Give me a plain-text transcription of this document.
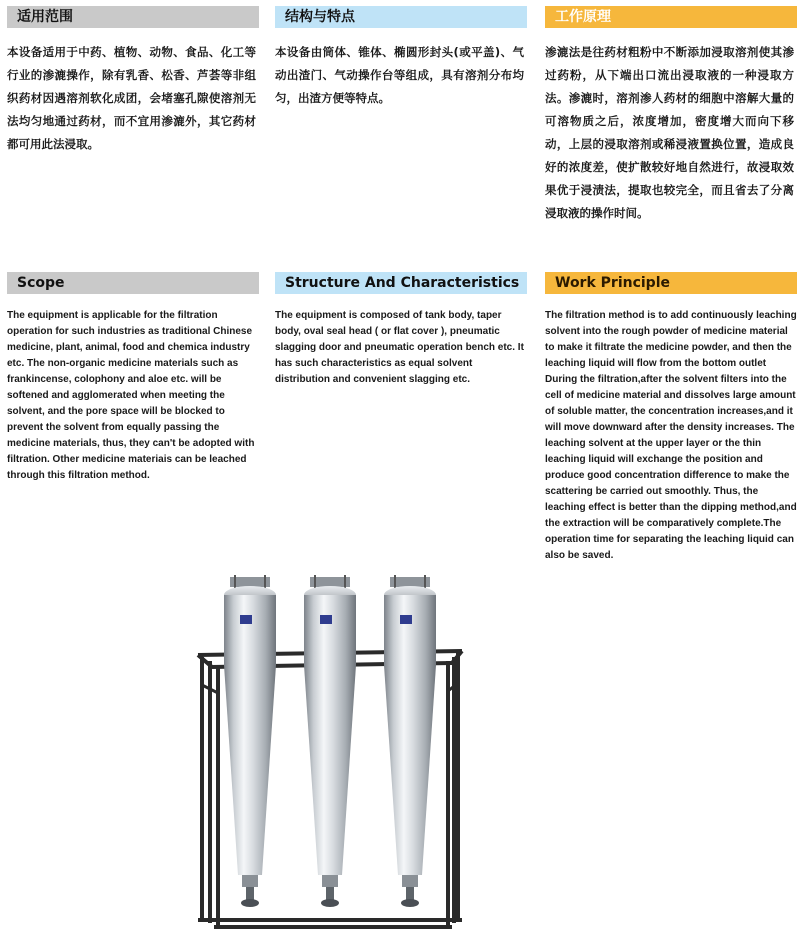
适用范围
本设备适用于中药、植物、动物、食品、化工等行业的渗漉操作，除有乳香、松香、芦荟等非组织药材因遇溶剂软化成团，会堵塞孔隙使溶剂无法均匀地通过药材，而不宜用渗漉外，其它药材都可用此法浸取。
结构与特点
本设备由筒体、锥体、椭圆形封头(或平盖)、气动出渣门、气动操作台等组成，具有溶剂分布均匀，出渣方便等特点。
工作原理
渗漉法是往药材粗粉中不断添加浸取溶剂使其渗过药粉，从下端出口流出浸取液的一种浸取方法。渗漉时，溶剂渗人药材的细胞中溶解大量的可溶物质之后，浓度增加，密度增大而向下移动，上层的浸取溶剂或稀浸液置换位置，造成良好的浓度差，使扩散较好地自然进行，故浸取效果优于浸渍法，提取也较完全，而且省去了分离浸取液的操作时间。
Scope
The equipment is applicable for the filtration operation for such industries as traditional Chinese medicine, plant, animal, food and chemica industry etc. The non-organic medicine materials such as frankincense, colophony and aloe etc. will be softened and agglomerated when meeting the solvent, and the pore space will be blocked to prevent the solvent from equally passing the medicine materials, thus, they can't be adopted with filtration. Other medicine materiais can be leached through this filtration method.
Structure And Characteristics
The equipment is composed of tank body, taper body, oval seal head ( or flat cover ), pneumatic slagging door and pneumatic operation bench etc. It has such characteristics as equal solvent distribution and convenient slagging etc.
Work Principle
The filtration method is to add continuously leaching solvent into the rough powder of medicine material to make it filtrate the medicine powder, and then the leaching liquid will flow from the bottom outlet During the filtration,after the solvent filters into the cell of medicine material and dissolves large amount of soluble matter, the concentration increases,and it will move downward after the density increases. The leaching solvent at the upper layer or the thin leaching liquid will exchange the position and produce good concentration difference to make the scattering be carried out smoothly. Thus, the leaching effect is better than the dipping method,and the extraction will be comparatively complete.The operation time for separating the leaching liquid can also be saved.
